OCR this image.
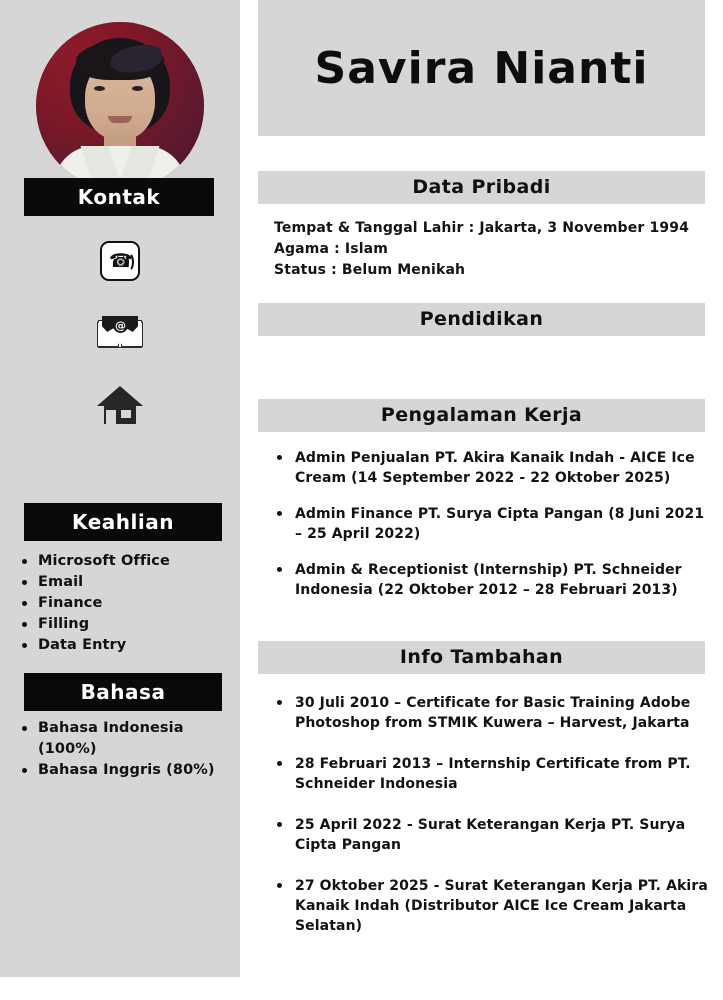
Kontak
☎
@
Keahlian
Microsoft Office
Email
Finance
Filling
Data Entry
Bahasa
Bahasa Indonesia (100%)
Bahasa Inggris (80%)
Savira Nianti
Data Pribadi
Tempat & Tanggal Lahir : Jakarta, 3 November 1994
Agama : Islam
Status : Belum Menikah
Pendidikan
Pengalaman Kerja
Admin Penjualan PT. Akira Kanaik Indah - AICE Ice Cream (14 September 2022 - 22 Oktober 2025)
Admin Finance PT. Surya Cipta Pangan (8 Juni 2021 – 25 April 2022)
Admin & Receptionist (Internship) PT. Schneider Indonesia (22 Oktober 2012 – 28 Februari 2013)
Info Tambahan
30 Juli 2010 – Certificate for Basic Training Adobe Photoshop from STMIK Kuwera – Harvest, Jakarta
28 Februari 2013 – Internship Certificate from PT. Schneider Indonesia
25 April 2022 - Surat Keterangan Kerja PT. Surya Cipta Pangan
27 Oktober 2025 - Surat Keterangan Kerja PT. Akira Kanaik Indah (Distributor AICE Ice Cream Jakarta Selatan)
